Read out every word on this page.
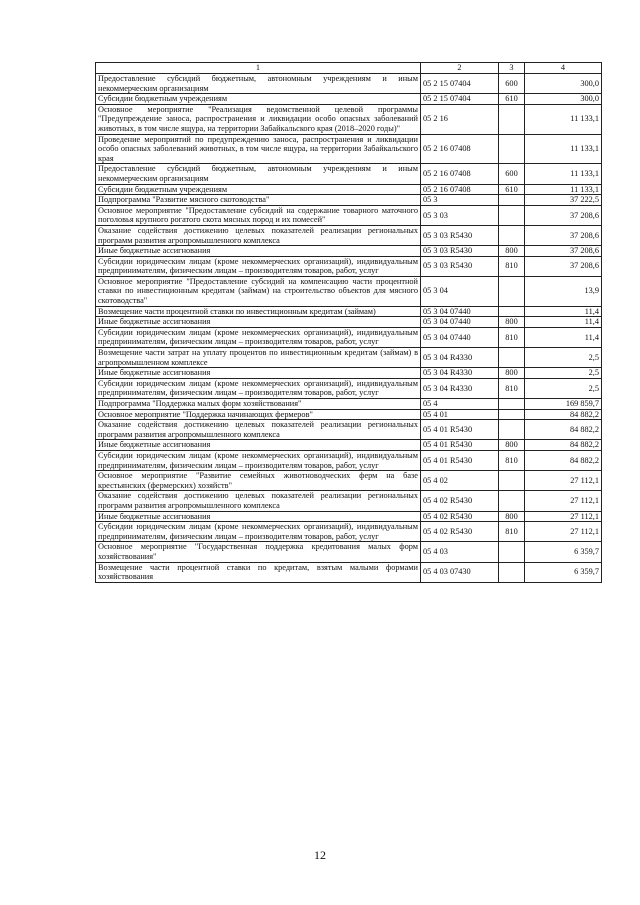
1	2	3	4
Предоставление субсидий бюджетным, автономным учреждениям и иным некоммерческим организациям	05 2 15 07404	600	300,0
Субсидии бюджетным учреждениям	05 2 15 07404	610	300,0
Основное мероприятие "Реализация ведомственной целевой программы "Предупреждение заноса, распространения и ликвидации особо опасных заболеваний животных, в том числе ящура, на территории Забайкальского края (2018–2020 годы)"	05 2 16		11 133,1
Проведение мероприятий по предупреждению заноса, распространения и ликвидации особо опасных заболеваний животных, в том числе ящура, на территории Забайкальского края	05 2 16 07408		11 133,1
Предоставление субсидий бюджетным, автономным учреждениям и иным некоммерческим организациям	05 2 16 07408	600	11 133,1
Субсидии бюджетным учреждениям	05 2 16 07408	610	11 133,1
Подпрограмма "Развитие мясного скотоводства"	05 3		37 222,5
Основное мероприятие "Предоставление субсидий на содержание товарного маточного поголовья крупного рогатого скота мясных пород и их помесей"	05 3 03		37 208,6
Оказание содействия достижению целевых показателей реализации региональных программ развития агропромышленного комплекса	05 3 03 R5430		37 208,6
Иные бюджетные ассигнования	05 3 03 R5430	800	37 208,6
Субсидии юридическим лицам (кроме некоммерческих организаций), индивидуальным предпринимателям, физическим лицам – производителям товаров, работ, услуг	05 3 03 R5430	810	37 208,6
Основное мероприятие "Предоставление субсидий на компенсацию части процентной ставки по инвестиционным кредитам (займам) на строительство объектов для мясного скотоводства"	05 3 04		13,9
Возмещение части процентной ставки по инвестиционным кредитам (займам)	05 3 04 07440		11,4
Иные бюджетные ассигнования	05 3 04 07440	800	11,4
Субсидии юридическим лицам (кроме некоммерческих организаций), индивидуальным предпринимателям, физическим лицам – производителям товаров, работ, услуг	05 3 04 07440	810	11,4
Возмещение части затрат на уплату процентов по инвестиционным кредитам (займам) в агропромышленном комплексе	05 3 04 R4330		2,5
Иные бюджетные ассигнования	05 3 04 R4330	800	2,5
Субсидии юридическим лицам (кроме некоммерческих организаций), индивидуальным предпринимателям, физическим лицам – производителям товаров, работ, услуг	05 3 04 R4330	810	2,5
Подпрограмма "Поддержка малых форм хозяйствования"	05 4		169 859,7
Основное мероприятие "Поддержка начинающих фермеров"	05 4 01		84 882,2
Оказание содействия достижению целевых показателей реализации региональных программ развития агропромышленного комплекса	05 4 01 R5430		84 882,2
Иные бюджетные ассигнования	05 4 01 R5430	800	84 882,2
Субсидии юридическим лицам (кроме некоммерческих организаций), индивидуальным предпринимателям, физическим лицам – производителям товаров, работ, услуг	05 4 01 R5430	810	84 882,2
Основное мероприятие "Развитие семейных животноводческих ферм на базе крестьянских (фермерских) хозяйств"	05 4 02		27 112,1
Оказание содействия достижению целевых показателей реализации региональных программ развития агропромышленного комплекса	05 4 02 R5430		27 112,1
Иные бюджетные ассигнования	05 4 02 R5430	800	27 112,1
Субсидии юридическим лицам (кроме некоммерческих организаций), индивидуальным предпринимателям, физическим лицам – производителям товаров, работ, услуг	05 4 02 R5430	810	27 112,1
Основное мероприятие "Государственная поддержка кредитования малых форм хозяйствования"	05 4 03		6 359,7
Возмещение части процентной ставки по кредитам, взятым малыми формами хозяйствования	05 4 03 07430		6 359,7
12
